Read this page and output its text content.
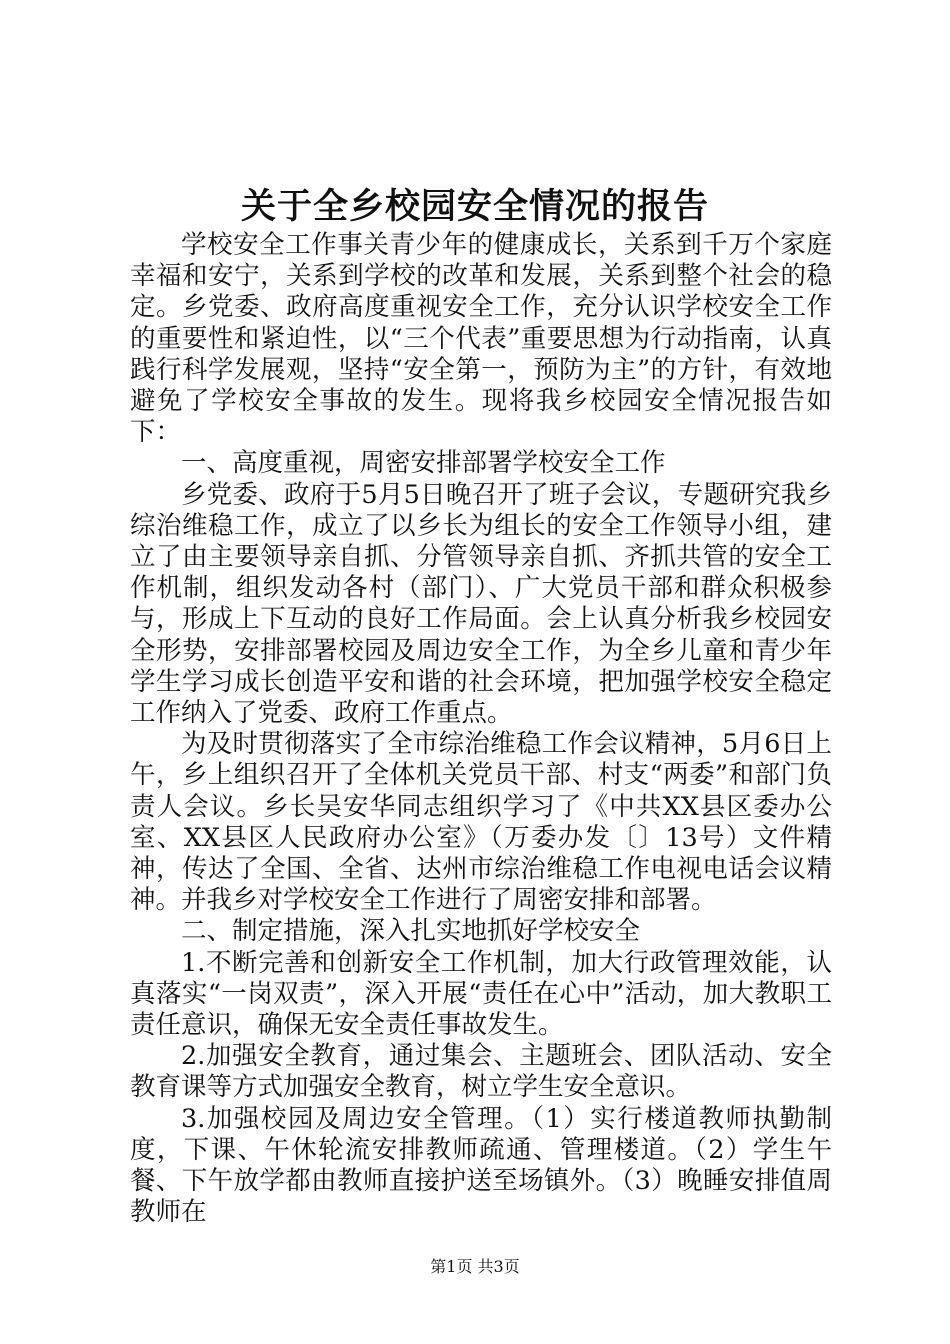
关于全乡校园安全情况的报告

学校安全工作事关青少年的健康成长，关系到千万个家庭幸福和安宁，关系到学校的改革和发展，关系到整个社会的稳定。乡党委、政府高度重视安全工作，充分认识学校安全工作的重要性和紧迫性，以“三个代表”重要思想为行动指南，认真践行科学发展观，坚持“安全第一，预防为主”的方针，有效地避免了学校安全事故的发生。现将我乡校园安全情况报告如下：

一、高度重视，周密安排部署学校安全工作

乡党委、政府于5月5日晚召开了班子会议，专题研究我乡综治维稳工作，成立了以乡长为组长的安全工作领导小组，建立了由主要领导亲自抓、分管领导亲自抓、齐抓共管的安全工作机制，组织发动各村（部门）、广大党员干部和群众积极参与，形成上下互动的良好工作局面。会上认真分析我乡校园安全形势，安排部署校园及周边安全工作，为全乡儿童和青少年学生学习成长创造平安和谐的社会环境，把加强学校安全稳定工作纳入了党委、政府工作重点。

为及时贯彻落实了全市综治维稳工作会议精神，5月6日上午，乡上组织召开了全体机关党员干部、村支“两委”和部门负责人会议。乡长吴安华同志组织学习了《中共XX县区委办公室、XX县区人民政府办公室》（万委办发〔〕13号）文件精神，传达了全国、全省、达州市综治维稳工作电视电话会议精神。并我乡对学校安全工作进行了周密安排和部署。

二、制定措施，深入扎实地抓好学校安全

1.不断完善和创新安全工作机制，加大行政管理效能，认真落实“一岗双责”，深入开展“责任在心中”活动，加大教职工责任意识，确保无安全责任事故发生。

2.加强安全教育，通过集会、主题班会、团队活动、安全教育课等方式加强安全教育，树立学生安全意识。

3.加强校园及周边安全管理。（1）实行楼道教师执勤制度，下课、午休轮流安排教师疏通、管理楼道。（2）学生午餐、下午放学都由教师直接护送至场镇外。（3）晚睡安排值周教师在

第1页 共3页
